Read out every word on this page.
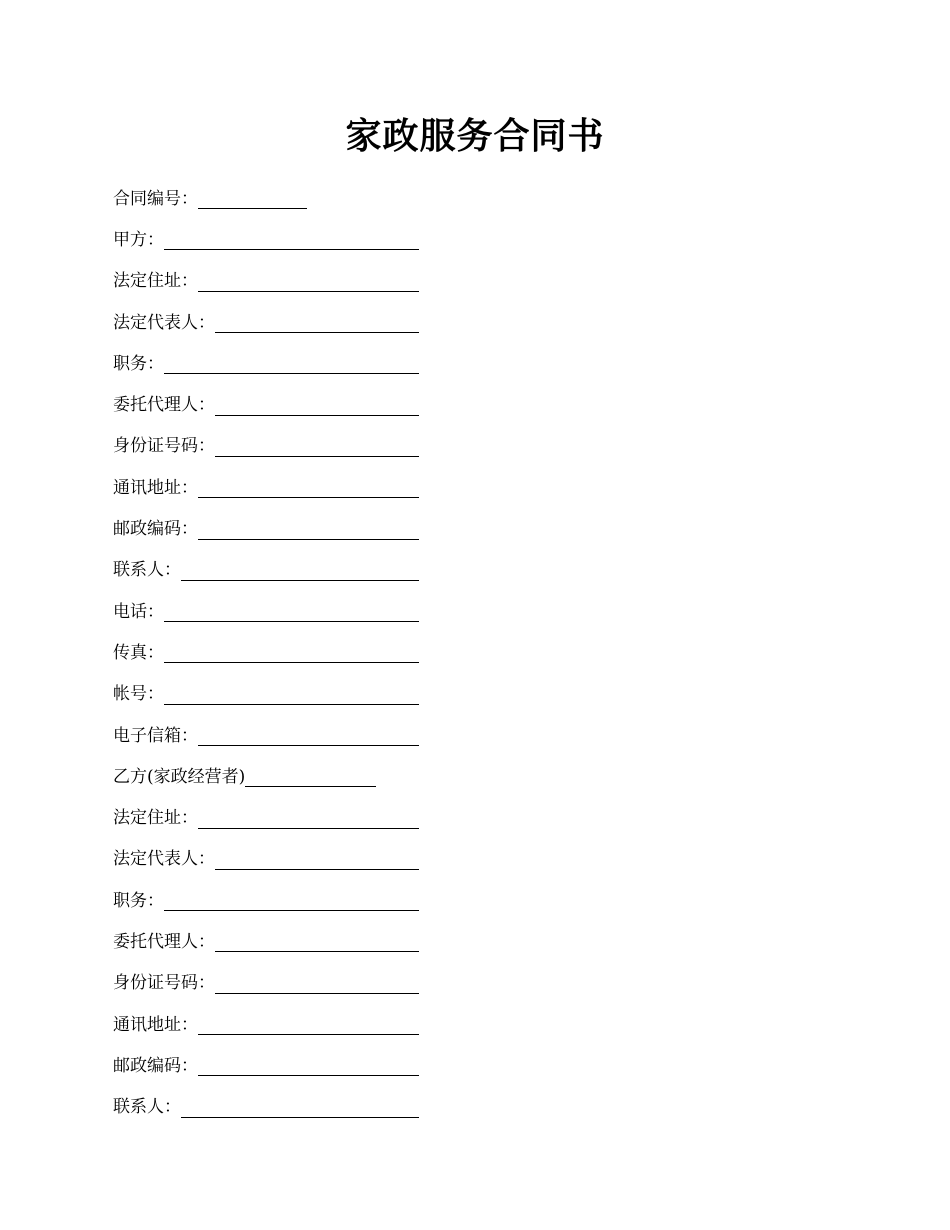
家政服务合同书
合同编号：
甲方：
法定住址：
法定代表人：
职务：
委托代理人：
身份证号码：
通讯地址：
邮政编码：
联系人：
电话：
传真：
帐号：
电子信箱：
乙方(家政经营者)
法定住址：
法定代表人：
职务：
委托代理人：
身份证号码：
通讯地址：
邮政编码：
联系人：
